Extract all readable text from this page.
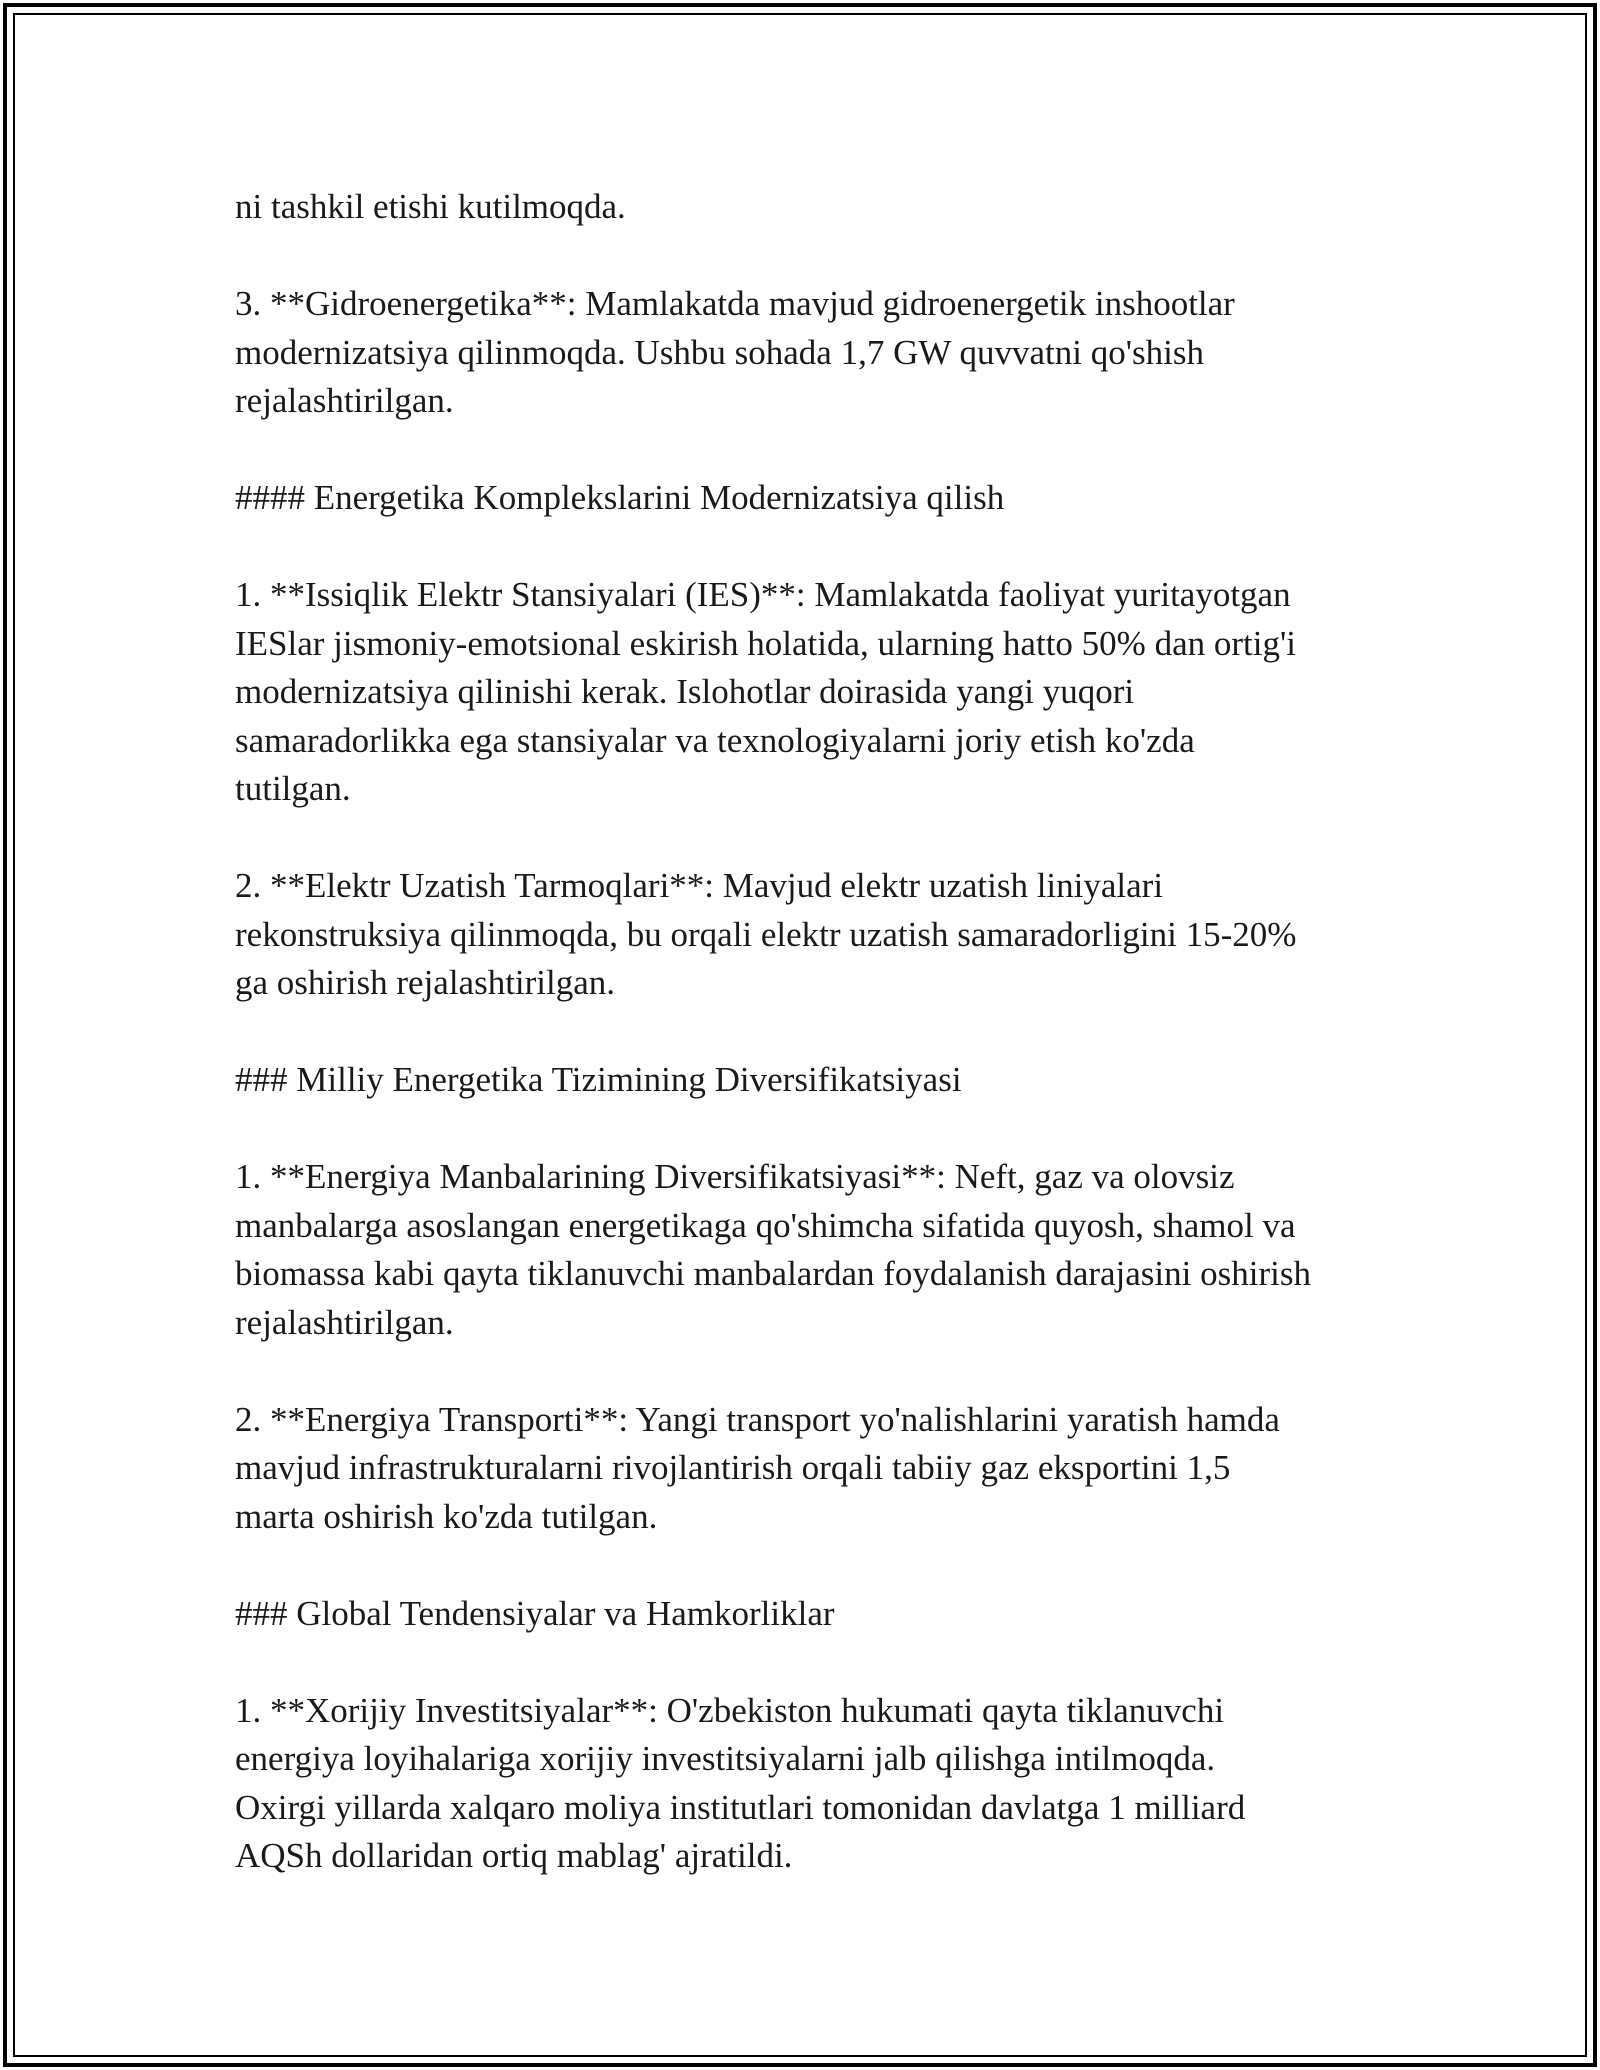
ni tashkil etishi kutilmoqda.

3. **Gidroenergetika**: Mamlakatda mavjud gidroenergetik inshootlar
modernizatsiya qilinmoqda. Ushbu sohada 1,7 GW quvvatni qo'shish
rejalashtirilgan.

#### Energetika Komplekslarini Modernizatsiya qilish

1. **Issiqlik Elektr Stansiyalari (IES)**: Mamlakatda faoliyat yuritayotgan
IESlar jismoniy-emotsional eskirish holatida, ularning hatto 50% dan ortig'i
modernizatsiya qilinishi kerak. Islohotlar doirasida yangi yuqori
samaradorlikka ega stansiyalar va texnologiyalarni joriy etish ko'zda
tutilgan.

2. **Elektr Uzatish Tarmoqlari**: Mavjud elektr uzatish liniyalari
rekonstruksiya qilinmoqda, bu orqali elektr uzatish samaradorligini 15-20%
ga oshirish rejalashtirilgan.

### Milliy Energetika Tizimining Diversifikatsiyasi

1. **Energiya Manbalarining Diversifikatsiyasi**: Neft, gaz va olovsiz
manbalarga asoslangan energetikaga qo'shimcha sifatida quyosh, shamol va
biomassa kabi qayta tiklanuvchi manbalardan foydalanish darajasini oshirish
rejalashtirilgan.

2. **Energiya Transporti**: Yangi transport yo'nalishlarini yaratish hamda
mavjud infrastrukturalarni rivojlantirish orqali tabiiy gaz eksportini 1,5
marta oshirish ko'zda tutilgan.

### Global Tendensiyalar va Hamkorliklar

1. **Xorijiy Investitsiyalar**: O'zbekiston hukumati qayta tiklanuvchi
energiya loyihalariga xorijiy investitsiyalarni jalb qilishga intilmoqda.
Oxirgi yillarda xalqaro moliya institutlari tomonidan davlatga 1 milliard
AQSh dollaridan ortiq mablag' ajratildi.
